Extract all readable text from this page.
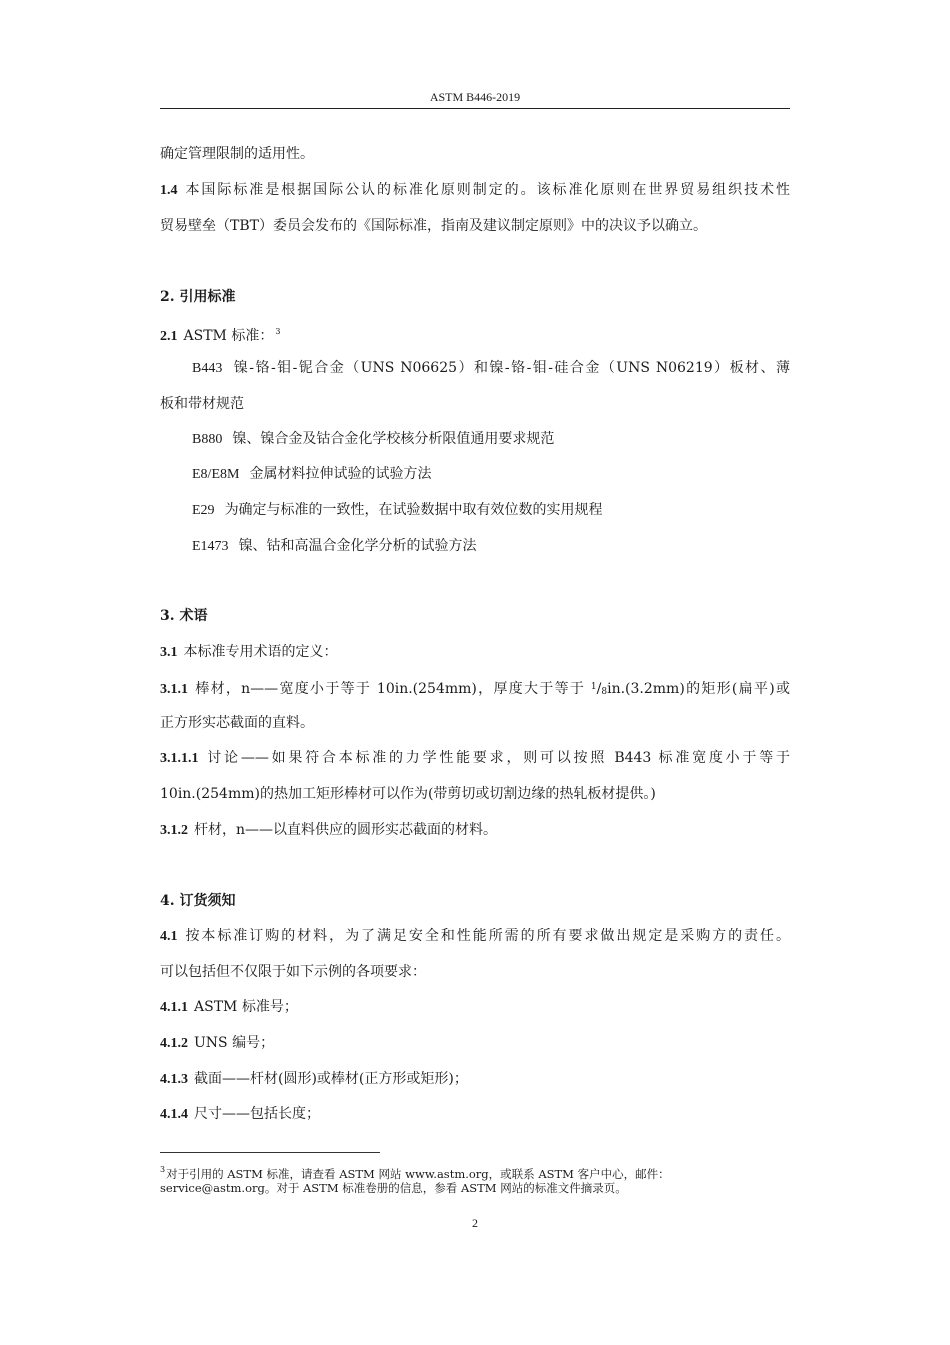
ASTM B446-2019
确定管理限制的适用性。
1.4 本国际标准是根据国际公认的标准化原则制定的。该标准化原则在世界贸易组织技术性
贸易壁垒（TBT）委员会发布的《国际标准，指南及建议制定原则》中的决议予以确立。
2. 引用标准
2.1 ASTM 标准： $^3$
B443 镍-铬-钼-铌合金（UNS N06625）和镍-铬-钼-硅合金（UNS N06219）板材、薄
板和带材规范
B880 镍、镍合金及钴合金化学校核分析限值通用要求规范
E8/E8M 金属材料拉伸试验的试验方法
E29 为确定与标准的一致性，在试验数据中取有效位数的实用规程
E1473 镍、钴和高温合金化学分析的试验方法
3. 术语
3.1 本标准专用术语的定义：
3.1.1 棒材，n——宽度小于等于 10in.(254mm)，厚度大于等于 $^1$/8in.(3.2mm)的矩形(扁平)或
正方形实芯截面的直料。
3.1.1.1 讨论——如果符合本标准的力学性能要求，则可以按照 B443 标准宽度小于等于
10in.(254mm)的热加工矩形棒材可以作为(带剪切或切割边缘的热轧板材提供。)
3.1.2 杆材，n——以直料供应的圆形实芯截面的材料。
4. 订货须知
4.1 按本标准订购的材料，为了满足安全和性能所需的所有要求做出规定是采购方的责任。
可以包括但不仅限于如下示例的各项要求：
4.1.1 ASTM 标准号；
4.1.2 UNS 编号；
4.1.3 截面——杆材(圆形)或棒材(正方形或矩形)；
4.1.4 尺寸——包括长度；
$^3$对于引用的 ASTM 标准，请查看 ASTM 网站 www.astm.org，或联系 ASTM 客户中心，邮件：
service@astm.org。对于 ASTM 标准卷册的信息，参看 ASTM 网站的标准文件摘录页。
2
